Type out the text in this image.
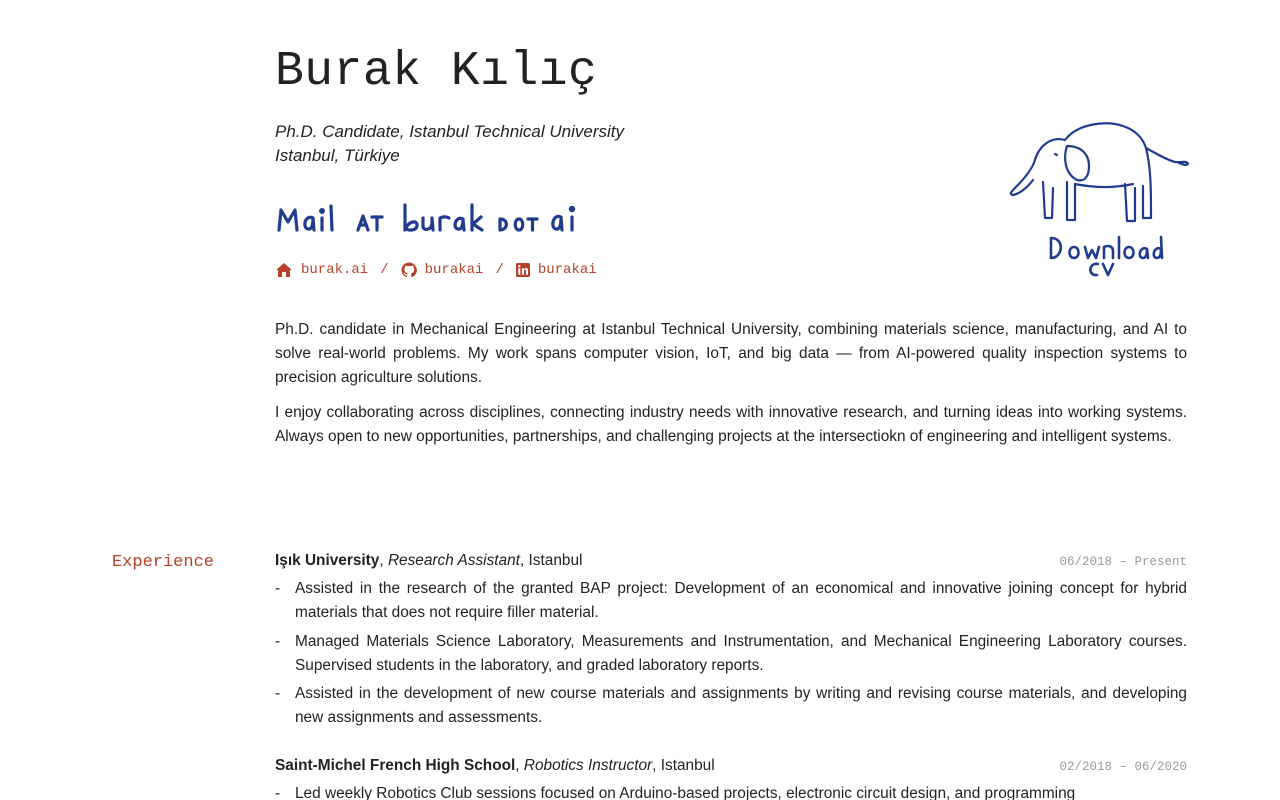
Burak Kılıç
Ph.D. Candidate, Istanbul Technical University
Istanbul, Türkiye
burak.ai /	burakai / burakai

Ph.D. candidate in Mechanical Engineering at Istanbul Technical University, combining materials science, manufacturing, and AI to solve real-world problems. My work spans computer vision, IoT, and big data — from AI-powered quality inspection systems to precision agriculture solutions.

I enjoy collaborating across disciplines, connecting industry needs with innovative research, and turning ideas into working systems. Always open to new opportunities, partnerships, and challenging projects at the intersectiokn of engineering and intelligent systems.

Experience	Işık University, Research Assistant, Istanbul	06/2018 – Present
- Assisted in the research of the granted BAP project: Development of an economical and innovative joining concept for hybrid materials that does not require filler material.
- Managed Materials Science Laboratory, Measurements and Instrumentation, and Mechanical Engineering Laboratory courses. Supervised students in the laboratory, and graded laboratory reports.
- Assisted in the development of new course materials and assignments by writing and revising course materials, and developing new assignments and assessments.
Saint-Michel French High School, Robotics Instructor, Istanbul	02/2018 – 06/2020
- Led weekly Robotics Club sessions focused on Arduino-based projects, electronic circuit design, and programming
